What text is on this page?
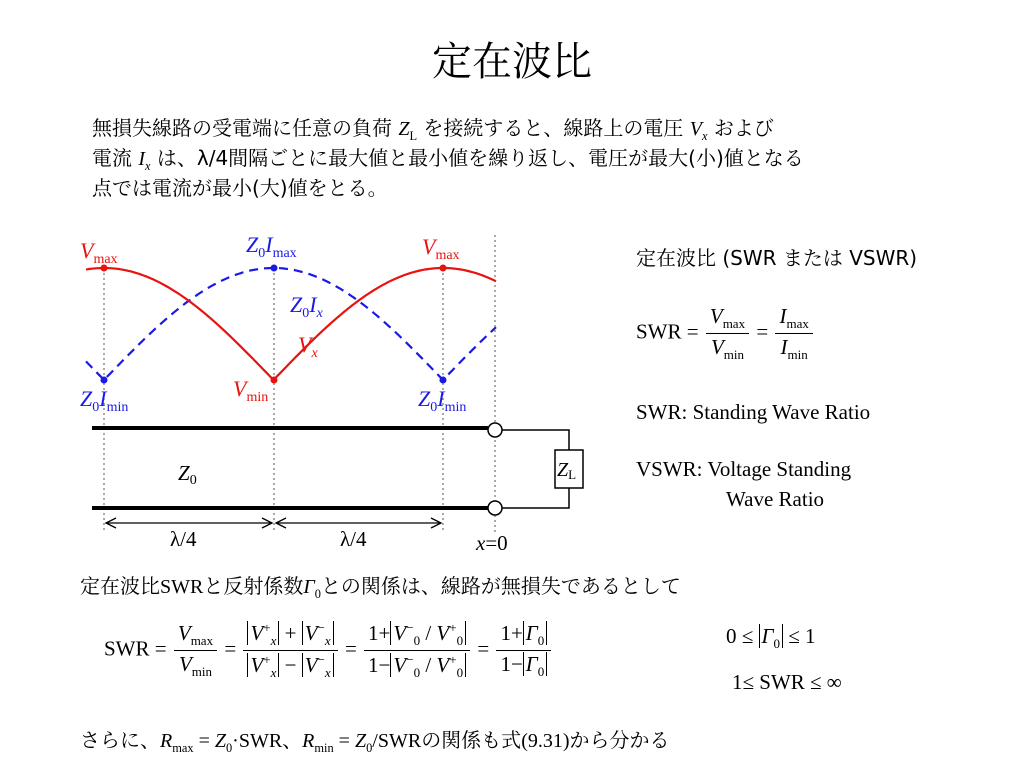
定在波比
無損失線路の受電端に任意の負荷 $Z_L$ を接続すると、線路上の電圧 $V_x$ および
電流 $I_x$ は、λ/4間隔ごとに最大値と最小値を繰り返し、電圧が最大(小)値となる
点では電流が最小(大)値をとる。
ZL
Z0
λ/4	λ/4	x=0
$V_{max}$
$V_{max}$
$Z_0I_{max}$
$Z_0I_x$
$V_x$
$V_{min}$
$Z_0I_{min}$	$Z_0I_{min}$
定在波比 (SWR または VSWR)
SWR = $\frac{V_{max}}{V_{min}} = \frac{I_{max}}{I_{min}}$
SWR: Standing Wave Ratio
VSWR: Voltage Standing
Wave Ratio
定在波比SWRと反射係数$\Gamma_0$との関係は、線路が無損失であるとして
SWR = $\frac{V_{max}}{V_{min}} = \frac{V^+_x + V^-_x}{V^+_x - V^-_x} = \frac{1+ V^-_0 / V^+_0}{1- V^-_0 / V^+_0} = \frac{1+ \Gamma_0}{1- \Gamma_0}$	$0 \le \Gamma_0 \le 1$
1≤ SWR ≤ ∞
さらに、$R_{max} = Z_0\cdot SWR$、$R_{min} = Z_0/SWR$の関係も式(9.31)から分かる
